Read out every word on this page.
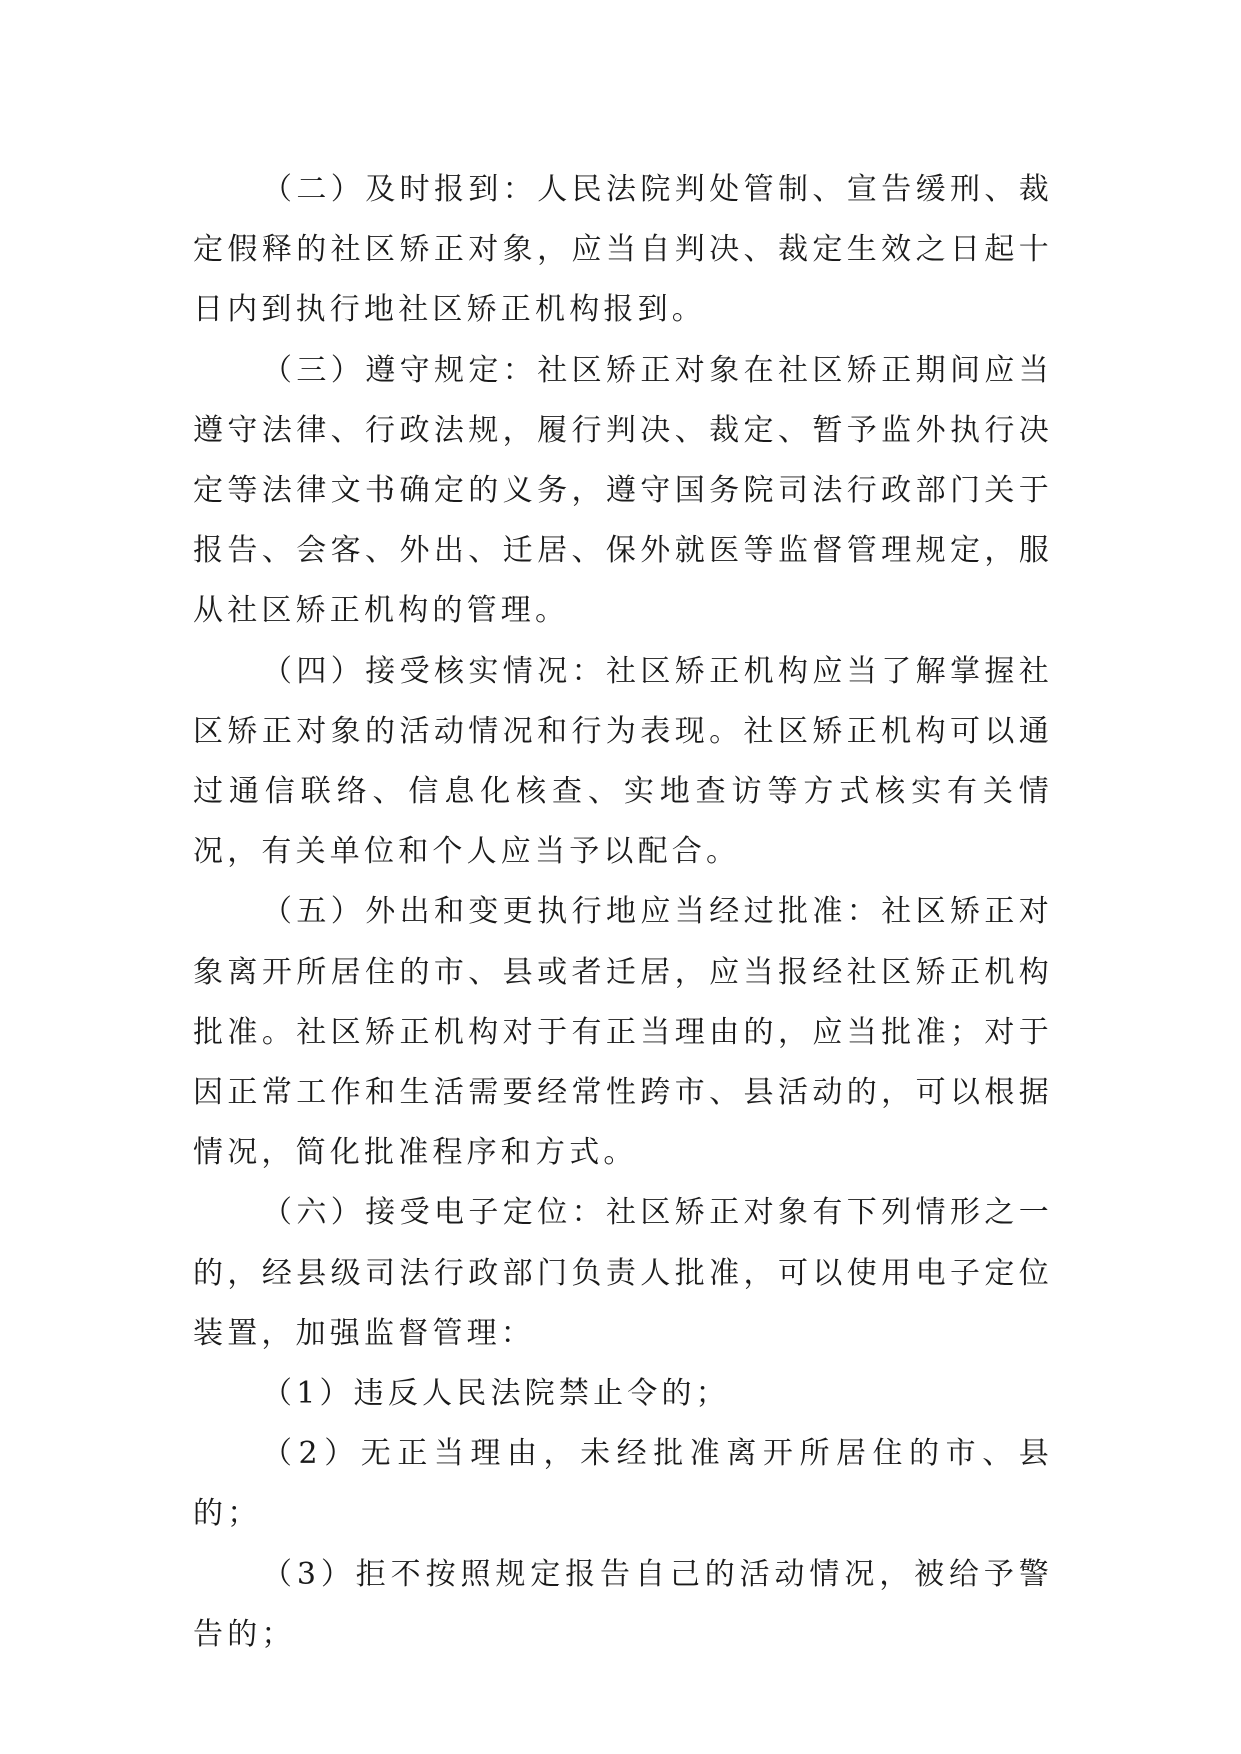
（二）及时报到：人民法院判处管制、宣告缓刑、裁定假释的社区矫正对象，应当自判决、裁定生效之日起十日内到执行地社区矫正机构报到。

（三）遵守规定：社区矫正对象在社区矫正期间应当遵守法律、行政法规，履行判决、裁定、暂予监外执行决定等法律文书确定的义务，遵守国务院司法行政部门关于报告、会客、外出、迁居、保外就医等监督管理规定，服从社区矫正机构的管理。

（四）接受核实情况：社区矫正机构应当了解掌握社区矫正对象的活动情况和行为表现。社区矫正机构可以通过通信联络、信息化核查、实地查访等方式核实有关情况，有关单位和个人应当予以配合。

（五）外出和变更执行地应当经过批准：社区矫正对象离开所居住的市、县或者迁居，应当报经社区矫正机构批准。社区矫正机构对于有正当理由的，应当批准；对于因正常工作和生活需要经常性跨市、县活动的，可以根据情况，简化批准程序和方式。

（六）接受电子定位：社区矫正对象有下列情形之一的，经县级司法行政部门负责人批准，可以使用电子定位装置，加强监督管理：

（1）违反人民法院禁止令的；

（2）无正当理由，未经批准离开所居住的市、县的；

（3）拒不按照规定报告自己的活动情况，被给予警告的；
